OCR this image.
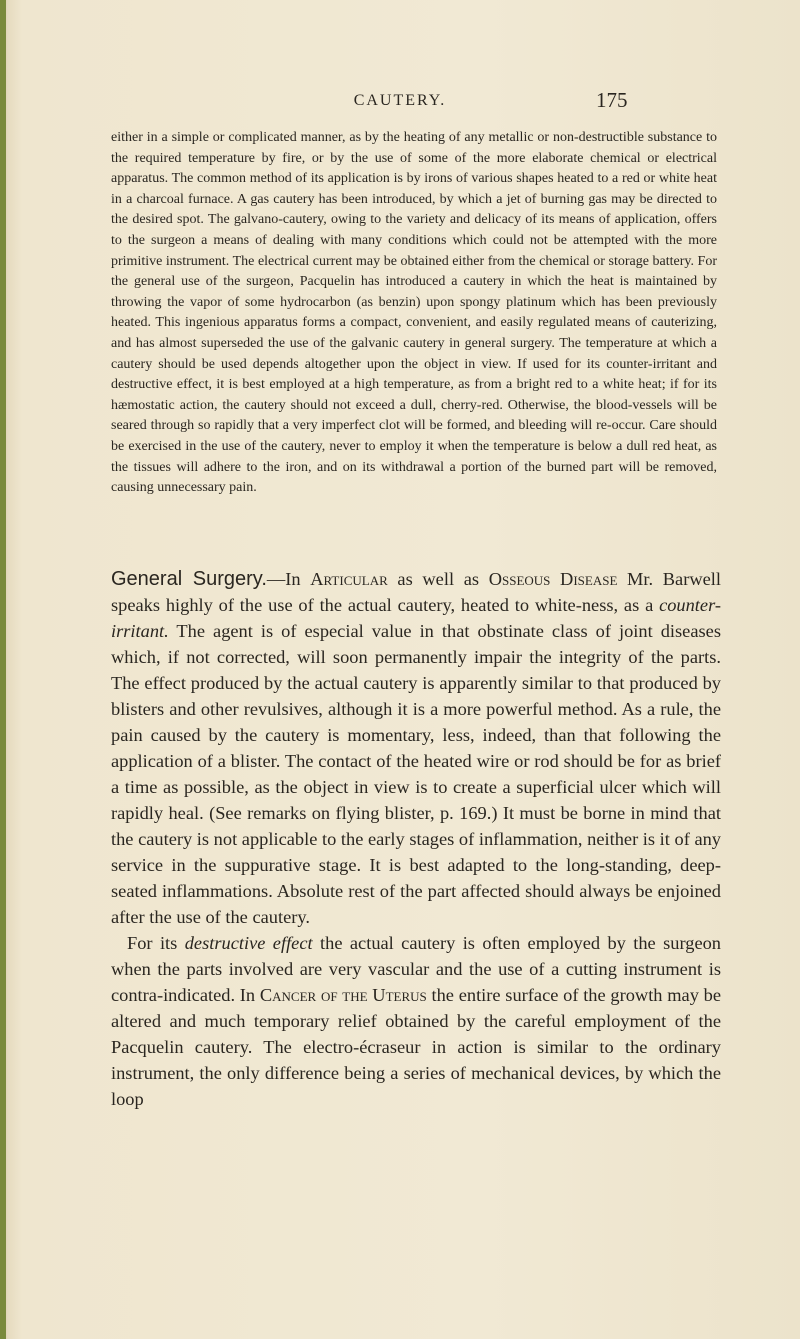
CAUTERY.	175

either in a simple or complicated manner, as by the heating of any metallic or non-destructible substance to the required temperature by fire, or by the use of some of the more elaborate chemical or electrical apparatus. The common method of its application is by irons of various shapes heated to a red or white heat in a charcoal furnace. A gas cautery has been introduced, by which a jet of burning gas may be directed to the desired spot. The galvano-cautery, owing to the variety and delicacy of its means of application, offers to the surgeon a means of dealing with many conditions which could not be attempted with the more primitive instrument. The electrical current may be obtained either from the chemical or storage battery. For the general use of the surgeon, Pacquelin has introduced a cautery in which the heat is maintained by throwing the vapor of some hydrocarbon (as benzin) upon spongy platinum which has been previously heated. This ingenious apparatus forms a compact, convenient, and easily regulated means of cauterizing, and has almost superseded the use of the galvanic cautery in general surgery. The temperature at which a cautery should be used depends altogether upon the object in view. If used for its counter-irritant and destructive effect, it is best employed at a high temperature, as from a bright red to a white heat; if for its hæmostatic action, the cautery should not exceed a dull, cherry-red. Otherwise, the blood-vessels will be seared through so rapidly that a very imperfect clot will be formed, and bleeding will re-occur. Care should be exercised in the use of the cautery, never to employ it when the temperature is below a dull red heat, as the tissues will adhere to the iron, and on its withdrawal a portion of the burned part will be removed, causing unnecessary pain.

General Surgery.—In Articular as well as Osseous Disease Mr. Barwell speaks highly of the use of the actual cautery, heated to white-ness, as a counter-irritant. The agent is of especial value in that obstinate class of joint diseases which, if not corrected, will soon permanently impair the integrity of the parts. The effect produced by the actual cautery is apparently similar to that produced by blisters and other revulsives, although it is a more powerful method. As a rule, the pain caused by the cautery is momentary, less, indeed, than that following the application of a blister. The contact of the heated wire or rod should be for as brief a time as possible, as the object in view is to create a superficial ulcer which will rapidly heal. (See remarks on flying blister, p. 169.) It must be borne in mind that the cautery is not applicable to the early stages of inflammation, neither is it of any service in the suppurative stage. It is best adapted to the long-standing, deep-seated inflammations. Absolute rest of the part affected should always be enjoined after the use of the cautery.
For its destructive effect the actual cautery is often employed by the surgeon when the parts involved are very vascular and the use of a cutting instrument is contra-indicated. In Cancer of the Uterus the entire surface of the growth may be altered and much temporary relief obtained by the careful employment of the Pacquelin cautery. The electro-écraseur in action is similar to the ordinary instrument, the only difference being a series of mechanical devices, by which the loop
